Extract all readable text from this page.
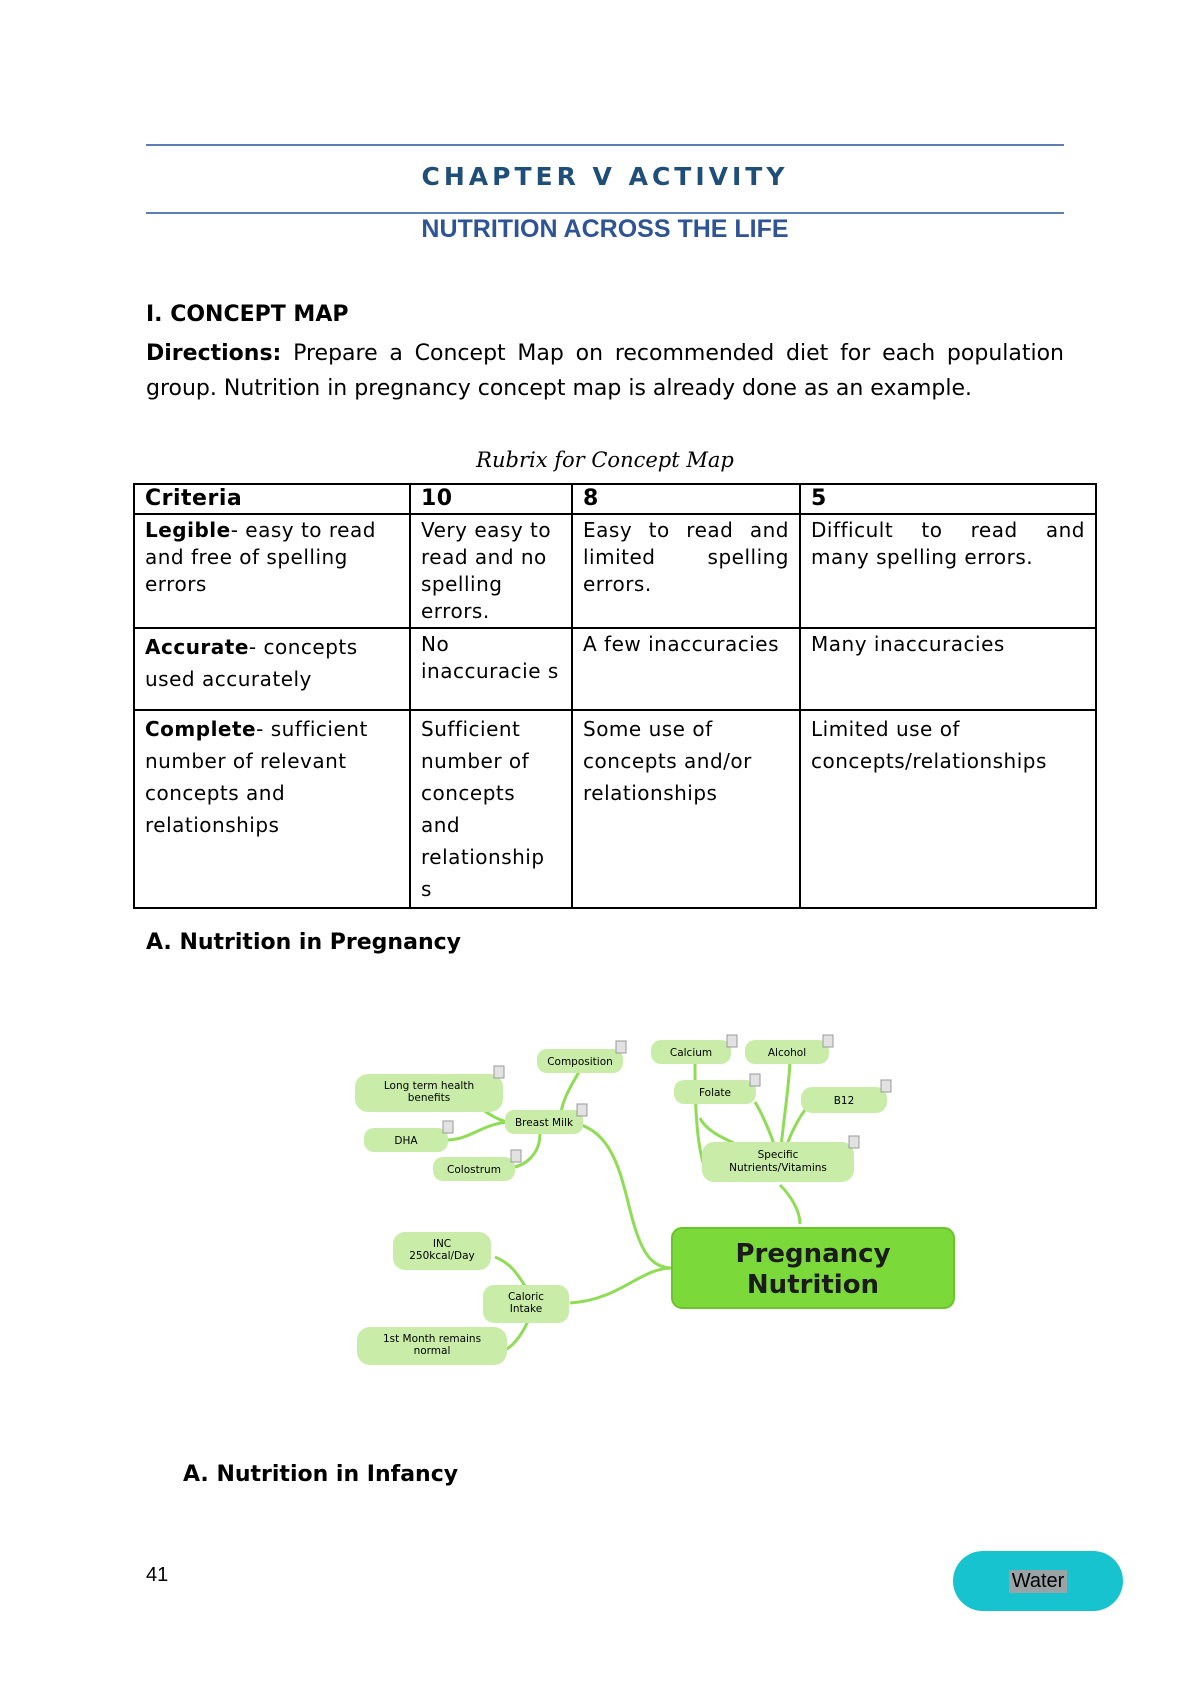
CHAPTER V ACTIVITY
NUTRITION ACROSS THE LIFE
I. CONCEPT MAP
Directions: Prepare a Concept Map on recommended diet for each population group. Nutrition in pregnancy concept map is already done as an example.
Rubrix for Concept Map
Criteria	10	8	5
Legible- easy to read and free of spelling errors	Very easy to read and no spelling errors.	Easy to read and limited spelling errors.	Difficult to read and many spelling errors.
Accurate- concepts used accurately	No inaccuracie s	A few inaccuracies	Many inaccuracies
Complete- sufficient number of relevant concepts and relationships	Sufficient number of concepts and relationship s	Some use of concepts and/or relationships	Limited use of concepts/relationships
A. Nutrition in Pregnancy
Composition
Long term health
benefits
Breast Milk
DHA
Colostrum
Calcium	Alcohol
Folate
B12
Specific
Nutrients/Vitamins
INC
250kcal/Day
Caloric
Intake
1st Month remains
normal
Pregnancy
Nutrition
A. Nutrition in Infancy
41	Water
